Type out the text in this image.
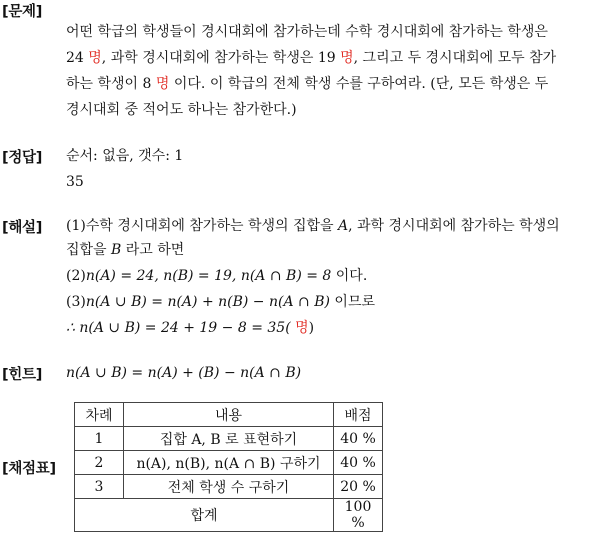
[문제]
어떤 학급의 학생들이 경시대회에 참가하는데 수학 경시대회에 참가하는 학생은
24 명, 과학 경시대회에 참가하는 학생은 19 명, 그리고 두 경시대회에 모두 참가
하는 학생이 8 명 이다. 이 학급의 전체 학생 수를 구하여라. (단, 모든 학생은 두
경시대회 중 적어도 하나는 참가한다.)
[정답] 순서: 없음, 갯수: 1
35
[해설] (1)수학 경시대회에 참가하는 학생의 집합을 A, 과학 경시대회에 참가하는 학생의
집합을 B 라고 하면
(2)n(A) = 24, n(B) = 19, n(A ∩ B) = 8 이다.
(3)n(A ∪ B) = n(A) + n(B) − n(A ∩ B) 이므로
∴ n(A ∪ B) = 24 + 19 − 8 = 35( 명)
[힌트] n(A ∪ B) = n(A) + (B) − n(A ∩ B)
[채점표]
차례	내용	배점
1	집합 A, B 로 표현하기	40 %
2	n(A), n(B), n(A ∩ B) 구하기	40 %
3	전체 학생 수 구하기	20 %
합계		100 %
